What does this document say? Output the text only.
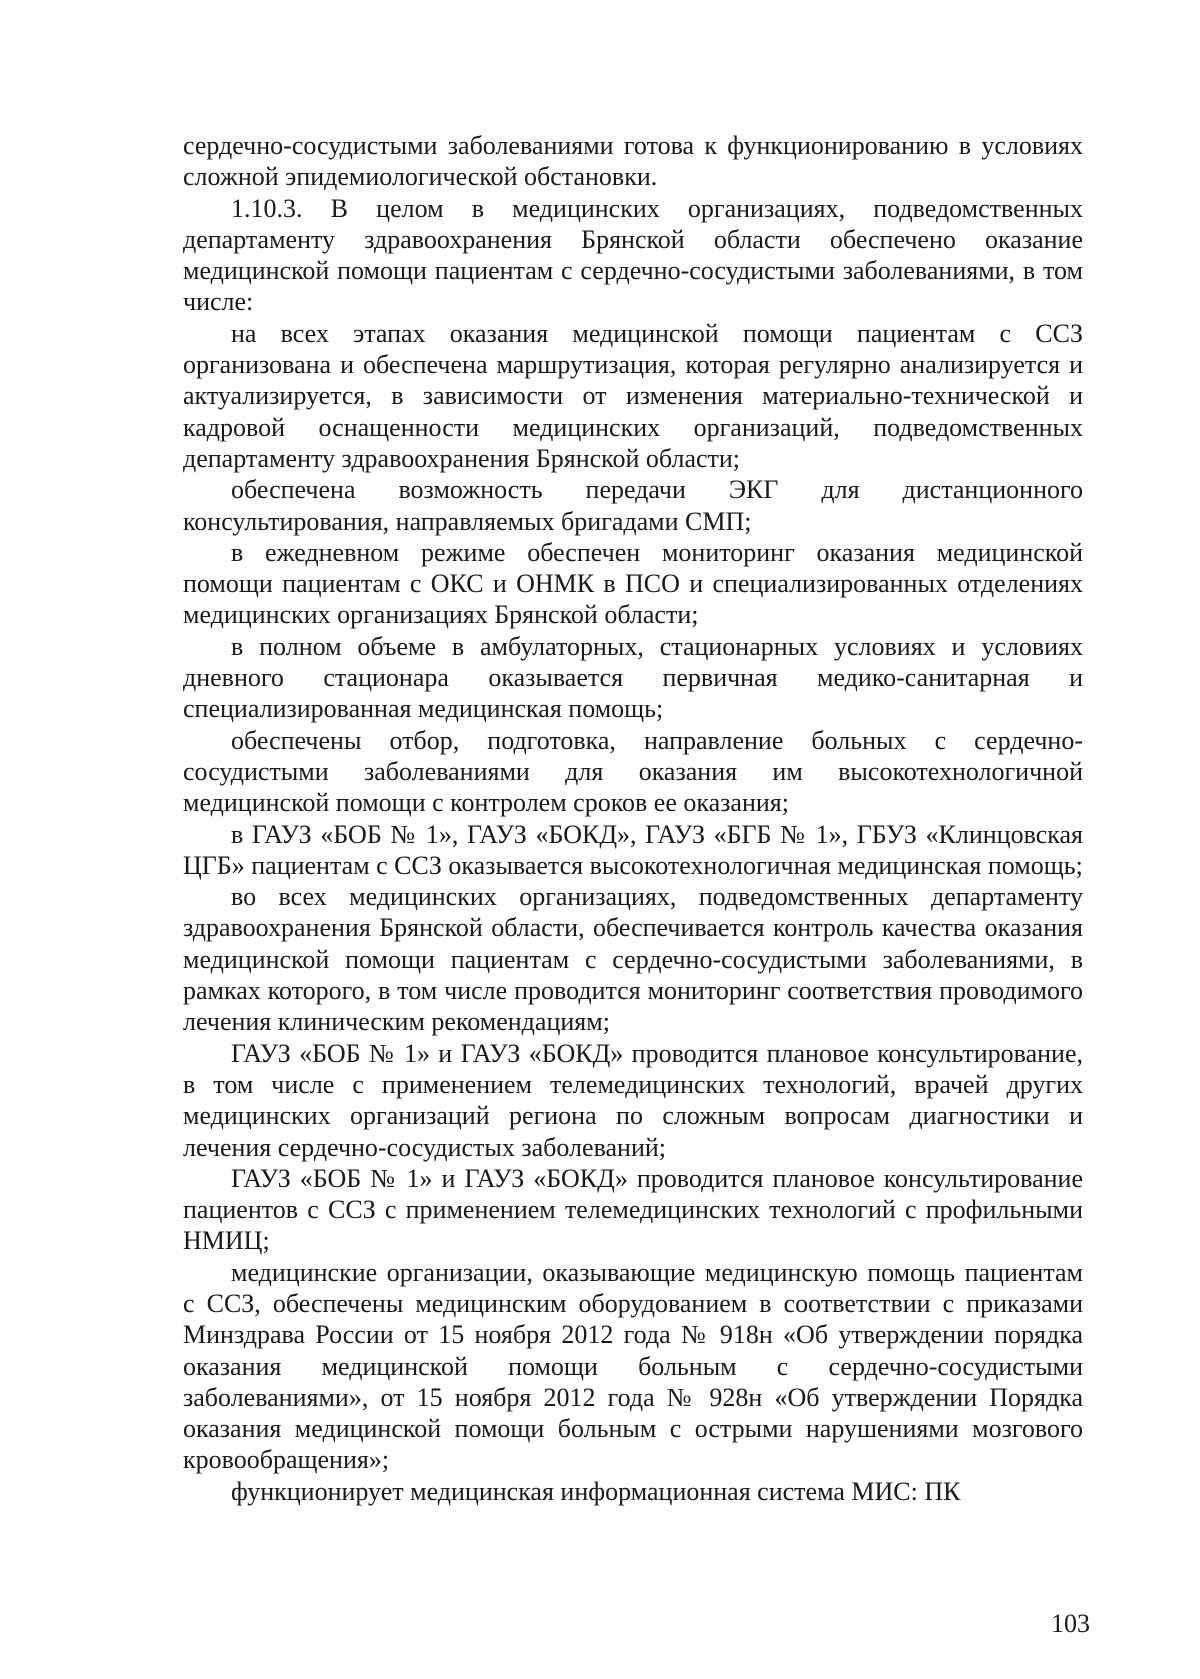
сердечно-сосудистыми заболеваниями готова к функционированию в условиях сложной эпидемиологической обстановки.

1.10.3. В целом в медицинских организациях, подведомственных департаменту здравоохранения Брянской области обеспечено оказание медицинской помощи пациентам с сердечно-сосудистыми заболеваниями, в том числе:

на всех этапах оказания медицинской помощи пациентам с ССЗ организована и обеспечена маршрутизация, которая регулярно анализируется и актуализируется, в зависимости от изменения материально-технической и кадровой оснащенности медицинских организаций, подведомственных департаменту здравоохранения Брянской области;

обеспечена возможность передачи ЭКГ для дистанционного консультирования, направляемых бригадами СМП;

в ежедневном режиме обеспечен мониторинг оказания медицинской помощи пациентам с ОКС и ОНМК в ПСО и специализированных отделениях медицинских организациях Брянской области;

в полном объеме в амбулаторных, стационарных условиях и условиях дневного стационара оказывается первичная медико-санитарная и специализированная медицинская помощь;

обеспечены отбор, подготовка, направление больных с сердечно-сосудистыми заболеваниями для оказания им высокотехнологичной медицинской помощи с контролем сроков ее оказания;

в ГАУЗ «БОБ № 1», ГАУЗ «БОКД», ГАУЗ «БГБ № 1», ГБУЗ «Клинцовская ЦГБ» пациентам с ССЗ оказывается высокотехнологичная медицинская помощь;

во всех медицинских организациях, подведомственных департаменту здравоохранения Брянской области, обеспечивается контроль качества оказания медицинской помощи пациентам с сердечно-сосудистыми заболеваниями, в рамках которого, в том числе проводится мониторинг соответствия проводимого лечения клиническим рекомендациям;

ГАУЗ «БОБ № 1» и ГАУЗ «БОКД» проводится плановое консультирование, в том числе с применением телемедицинских технологий, врачей других медицинских организаций региона по сложным вопросам диагностики и лечения сердечно-сосудистых заболеваний;

ГАУЗ «БОБ № 1» и ГАУЗ «БОКД» проводится плановое консультирование пациентов с ССЗ с применением телемедицинских технологий с профильными НМИЦ;

медицинские организации, оказывающие медицинскую помощь пациентам с ССЗ, обеспечены медицинским оборудованием в соответствии с приказами Минздрава России от 15 ноября 2012 года № 918н «Об утверждении порядка оказания медицинской помощи больным с сердечно-сосудистыми заболеваниями», от 15 ноября 2012 года № 928н «Об утверждении Порядка оказания медицинской помощи больным с острыми нарушениями мозгового кровообращения»;

функционирует медицинская информационная система МИС: ПК

103
